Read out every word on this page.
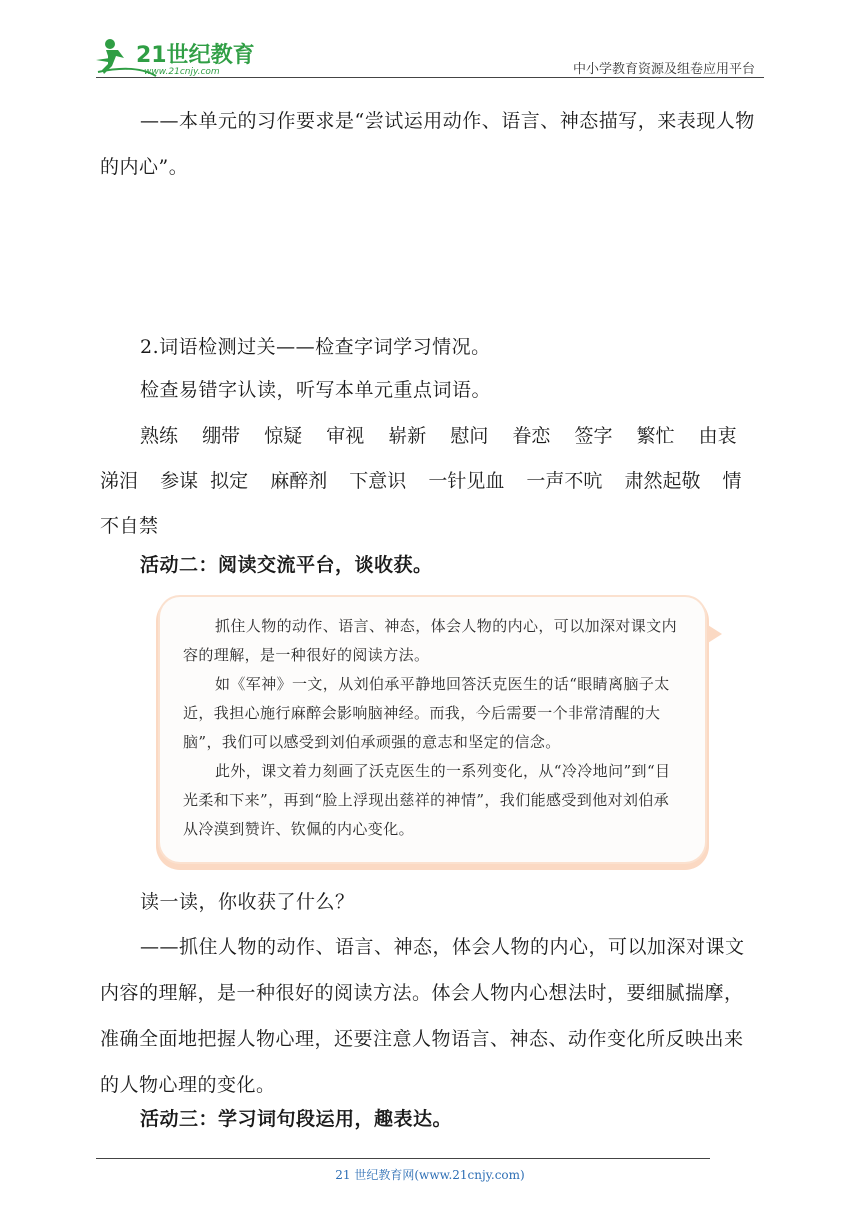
21世纪教育
www.21cnjy.com	中小学教育资源及组卷应用平台
——本单元的习作要求是“尝试运用动作、语言、神态描写，来表现人物的内心”。
2.词语检测过关——检查字词学习情况。
检查易错字认读，听写本单元重点词语。
熟练 绷带 惊疑 审视 崭新 慰问 眷恋 签字 繁忙 由衷
涕泪 参谋 拟定 麻醉剂 下意识 一针见血 一声不吭 肃然起敬 情
不自禁
活动二：阅读交流平台，谈收获。

抓住人物的动作、语言、神态，体会人物的内心，可以加深对课文内容的理解，是一种很好的阅读方法。

如《军神》一文，从刘伯承平静地回答沃克医生的话“眼睛离脑子太近，我担心施行麻醉会影响脑神经。而我，今后需要一个非常清醒的大脑”，我们可以感受到刘伯承顽强的意志和坚定的信念。

此外，课文着力刻画了沃克医生的一系列变化，从“冷冷地问”到“目光柔和下来”，再到“脸上浮现出慈祥的神情”，我们能感受到他对刘伯承从冷漠到赞许、钦佩的内心变化。

读一读，你收获了什么？
——抓住人物的动作、语言、神态，体会人物的内心，可以加深对课文内容的理解，是一种很好的阅读方法。体会人物内心想法时，要细腻揣摩，准确全面地把握人物心理，还要注意人物语言、神态、动作变化所反映出来的人物心理的变化。
活动三：学习词句段运用，趣表达。
21 世纪教育网(www.21cnjy.com)
